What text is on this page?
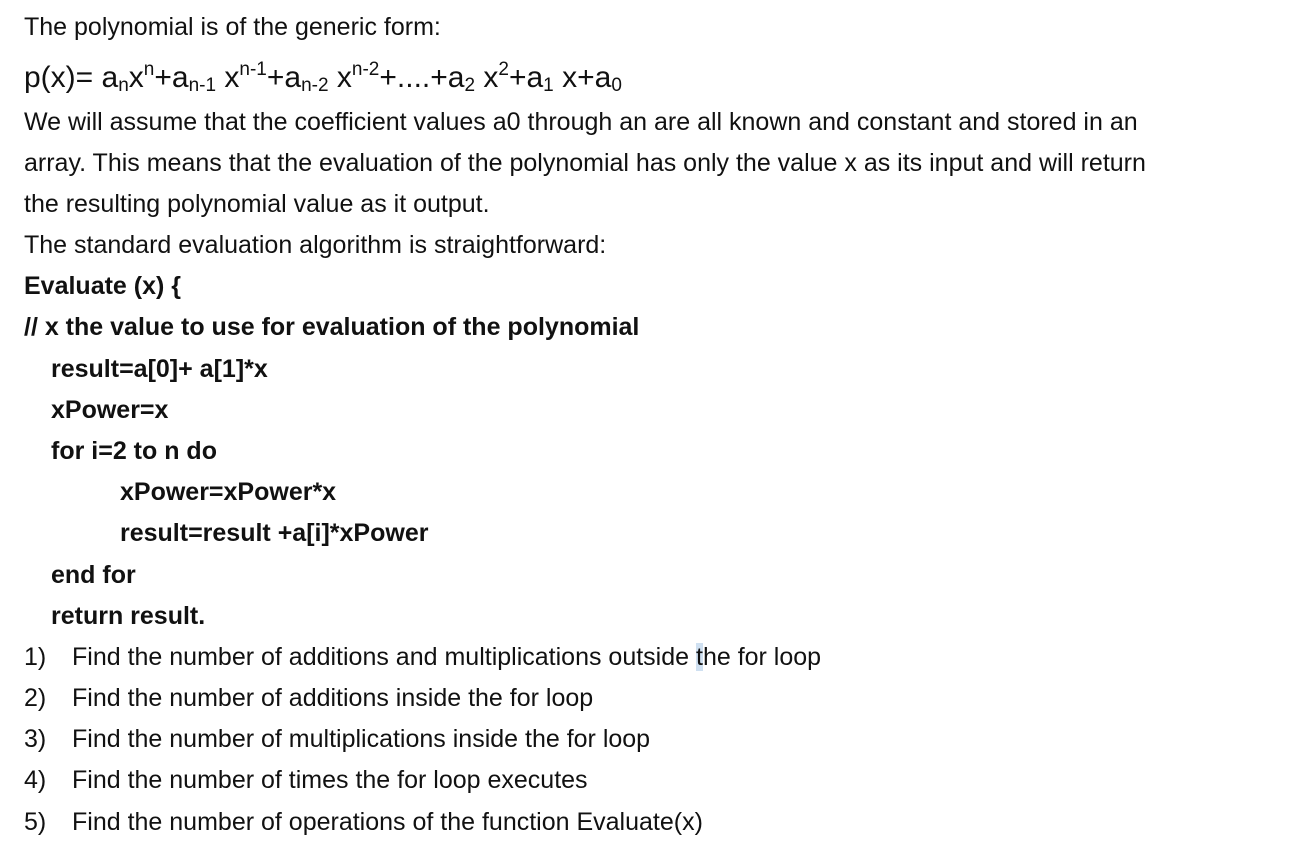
The polynomial is of the generic form:
$p(x)= a_nx^n+a_{n-1}$ $x^{n-1}+a_{n-2}$ $x^{n-2}+....+a_2$ $x^2+a_1$ $x+a_0$
We will assume that the coefficient values a0 through an are all known and constant and stored in an
array. This means that the evaluation of the polynomial has only the value x as its input and will return
the resulting polynomial value as it output.
The standard evaluation algorithm is straightforward:
Evaluate (x) {
// x the value to use for evaluation of the polynomial
result=a[0]+ a[1]*x
xPower=x
for i=2 to n do
xPower=xPower*x
result=result +a[i]*xPower
end for
return result.
1) Find the number of additions and multiplications outside the for loop
2) Find the number of additions inside the for loop
3) Find the number of multiplications inside the for loop
4) Find the number of times the for loop executes
5) Find the number of operations of the function Evaluate(x)
